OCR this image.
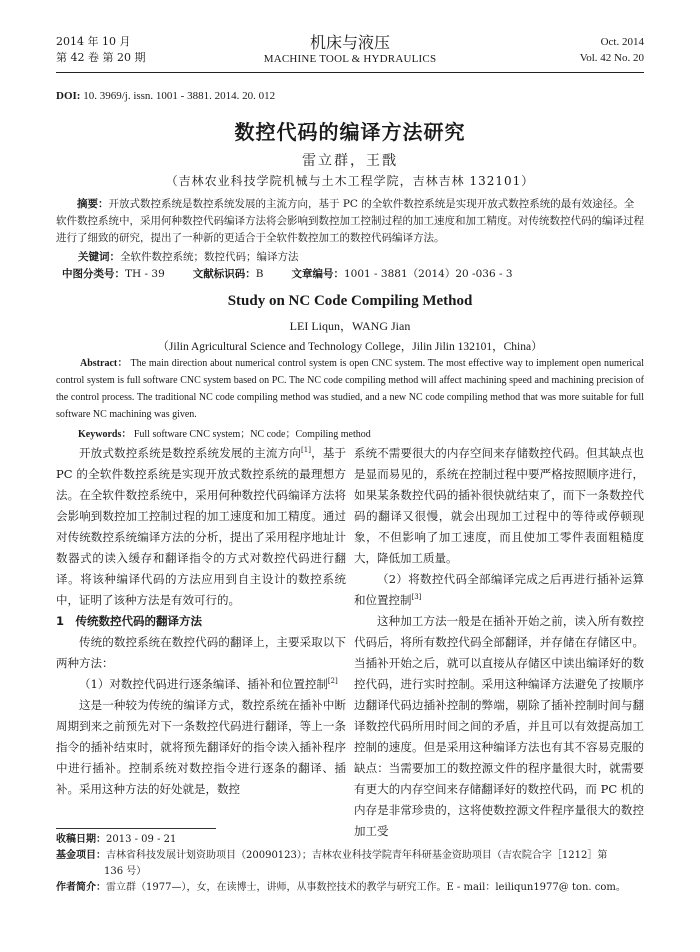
2014 年 10 月
第 42 卷 第 20 期
机床与液压
MACHINE TOOL & HYDRAULICS
Oct. 2014
Vol. 42 No. 20
DOI: 10. 3969/j. issn. 1001 - 3881. 2014. 20. 012
数控代码的编译方法研究
雷立群，王戬
（吉林农业科技学院机械与土木工程学院，吉林吉林 132101）
摘要：开放式数控系统是数控系统发展的主流方向，基于 PC 的全软件数控系统是实现开放式数控系统的最有效途径。全软件数控系统中，采用何种数控代码编译方法将会影响到数控加工控制过程的加工速度和加工精度。对传统数控代码的编译过程进行了细致的研究，提出了一种新的更适合于全软件数控加工的数控代码编译方法。
关键词：全软件数控系统；数控代码；编译方法
中图分类号：TH - 39	文献标识码：B	文章编号：1001 - 3881（2014）20 -036 - 3
Study on NC Code Compiling Method
LEI Liqun，WANG Jian
（Jilin Agricultural Science and Technology College，Jilin Jilin 132101，China）
Abstract： The main direction about numerical control system is open CNC system. The most effective way to implement open numerical control system is full software CNC system based on PC. The NC code compiling method will affect machining speed and machining precision of the control process. The traditional NC code compiling method was studied, and a new NC code compiling method that was more suitable for full software NC machining was given.
Keywords： Full software CNC system；NC code；Compiling method

开放式数控系统是数控系统发展的主流方向[1]，基于 PC 的全软件数控系统是实现开放式数控系统的最理想方法。在全软件数控系统中，采用何种数控代码编译方法将会影响到数控加工控制过程的加工速度和加工精度。通过对传统数控系统编译方法的分析，提出了采用程序地址计数器式的读入缓存和翻译指令的方式对数控代码进行翻译。将该种编译代码的方法应用到自主设计的数控系统中，证明了该种方法是有效可行的。

1　传统数控代码的翻译方法

传统的数控系统在数控代码的翻译上，主要采取以下两种方法：

（1）对数控代码进行逐条编译、插补和位置控制[2]

这是一种较为传统的编译方式，数控系统在插补中断周期到来之前预先对下一条数控代码进行翻译，等上一条指令的插补结束时，就将预先翻译好的指令读入插补程序中进行插补。控制系统对数控指令进行逐条的翻译、插补。采用这种方法的好处就是，数控

系统不需要很大的内存空间来存储数控代码。但其缺点也是显而易见的，系统在控制过程中要严格按照顺序进行，如果某条数控代码的插补很快就结束了，而下一条数控代码的翻译又很慢，就会出现加工过程中的等待或停顿现象，不但影响了加工速度，而且使加工零件表面粗糙度大，降低加工质量。

（2）将数控代码全部编译完成之后再进行插补运算和位置控制[3]

这种加工方法一般是在插补开始之前，读入所有数控代码后，将所有数控代码全部翻译，并存储在存储区中。当插补开始之后，就可以直接从存储区中读出编译好的数控代码，进行实时控制。采用这种编译方法避免了按顺序边翻译代码边插补控制的弊端，剔除了插补控制时间与翻译数控代码所用时间之间的矛盾，并且可以有效提高加工控制的速度。但是采用这种编译方法也有其不容易克服的缺点：当需要加工的数控源文件的程序量很大时，就需要有更大的内存空间来存储翻译好的数控代码，而 PC 机的内存是非常珍贵的，这将使数控源文件程序量很大的数控加工受

收稿日期：2013 - 09 - 21
基金项目：吉林省科技发展计划资助项目（20090123）；吉林农业科技学院青年科研基金资助项目（吉农院合字［1212］第
136 号）
作者简介：雷立群（1977—），女，在读博士，讲师，从事数控技术的教学与研究工作。E - mail：leiliqun1977@ ton. com。
